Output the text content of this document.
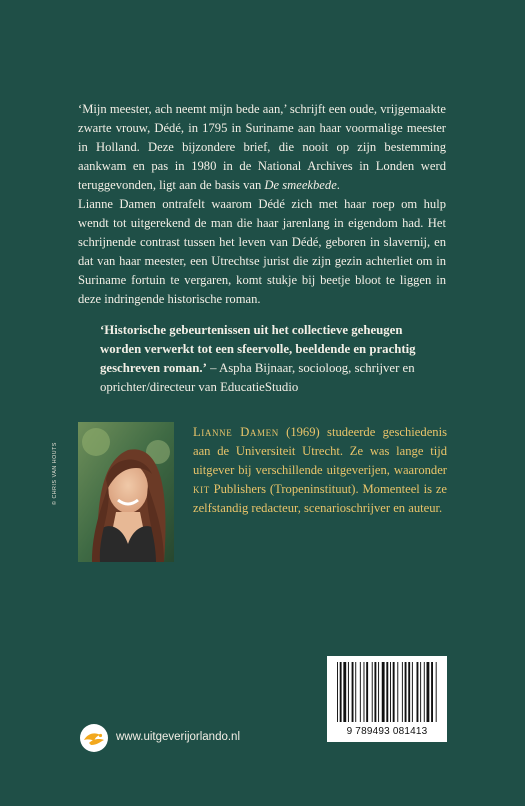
‘Mijn meester, ach neemt mijn bede aan,’ schrijft een oude, vrijgemaakte zwarte vrouw, Dédé, in 1795 in Suriname aan haar voormalige meester in Holland. Deze bijzondere brief, die nooit op zijn bestemming aankwam en pas in 1980 in de National Archives in Londen werd teruggevonden, ligt aan de basis van De smeekbede.

Lianne Damen ontrafelt waarom Dédé zich met haar roep om hulp wendt tot uitgerekend de man die haar jarenlang in eigendom had. Het schrijnende contrast tussen het leven van Dédé, geboren in slavernij, en dat van haar meester, een Utrechtse jurist die zijn gezin achterliet om in Suriname fortuin te vergaren, komt stukje bij beetje bloot te liggen in deze indringende historische roman.

‘Historische gebeurtenissen uit het collectieve geheugen worden verwerkt tot een sfeervolle, beeldende en prachtig geschreven roman.’ – Aspha Bijnaar, socioloog, schrijver en oprichter/directeur van EducatieStudio
© CHRIS VAN HOUTS
Lianne Damen (1969) studeerde geschiedenis aan de Universiteit Utrecht. Ze was lange tijd uitgever bij verschillende uitgeverijen, waaronder kit Publishers (Tropeninstituut). Momenteel is ze zelfstandig redacteur, scenarioschrijver en auteur.
www.uitgeverijorlando.nl	9 789493 081413
